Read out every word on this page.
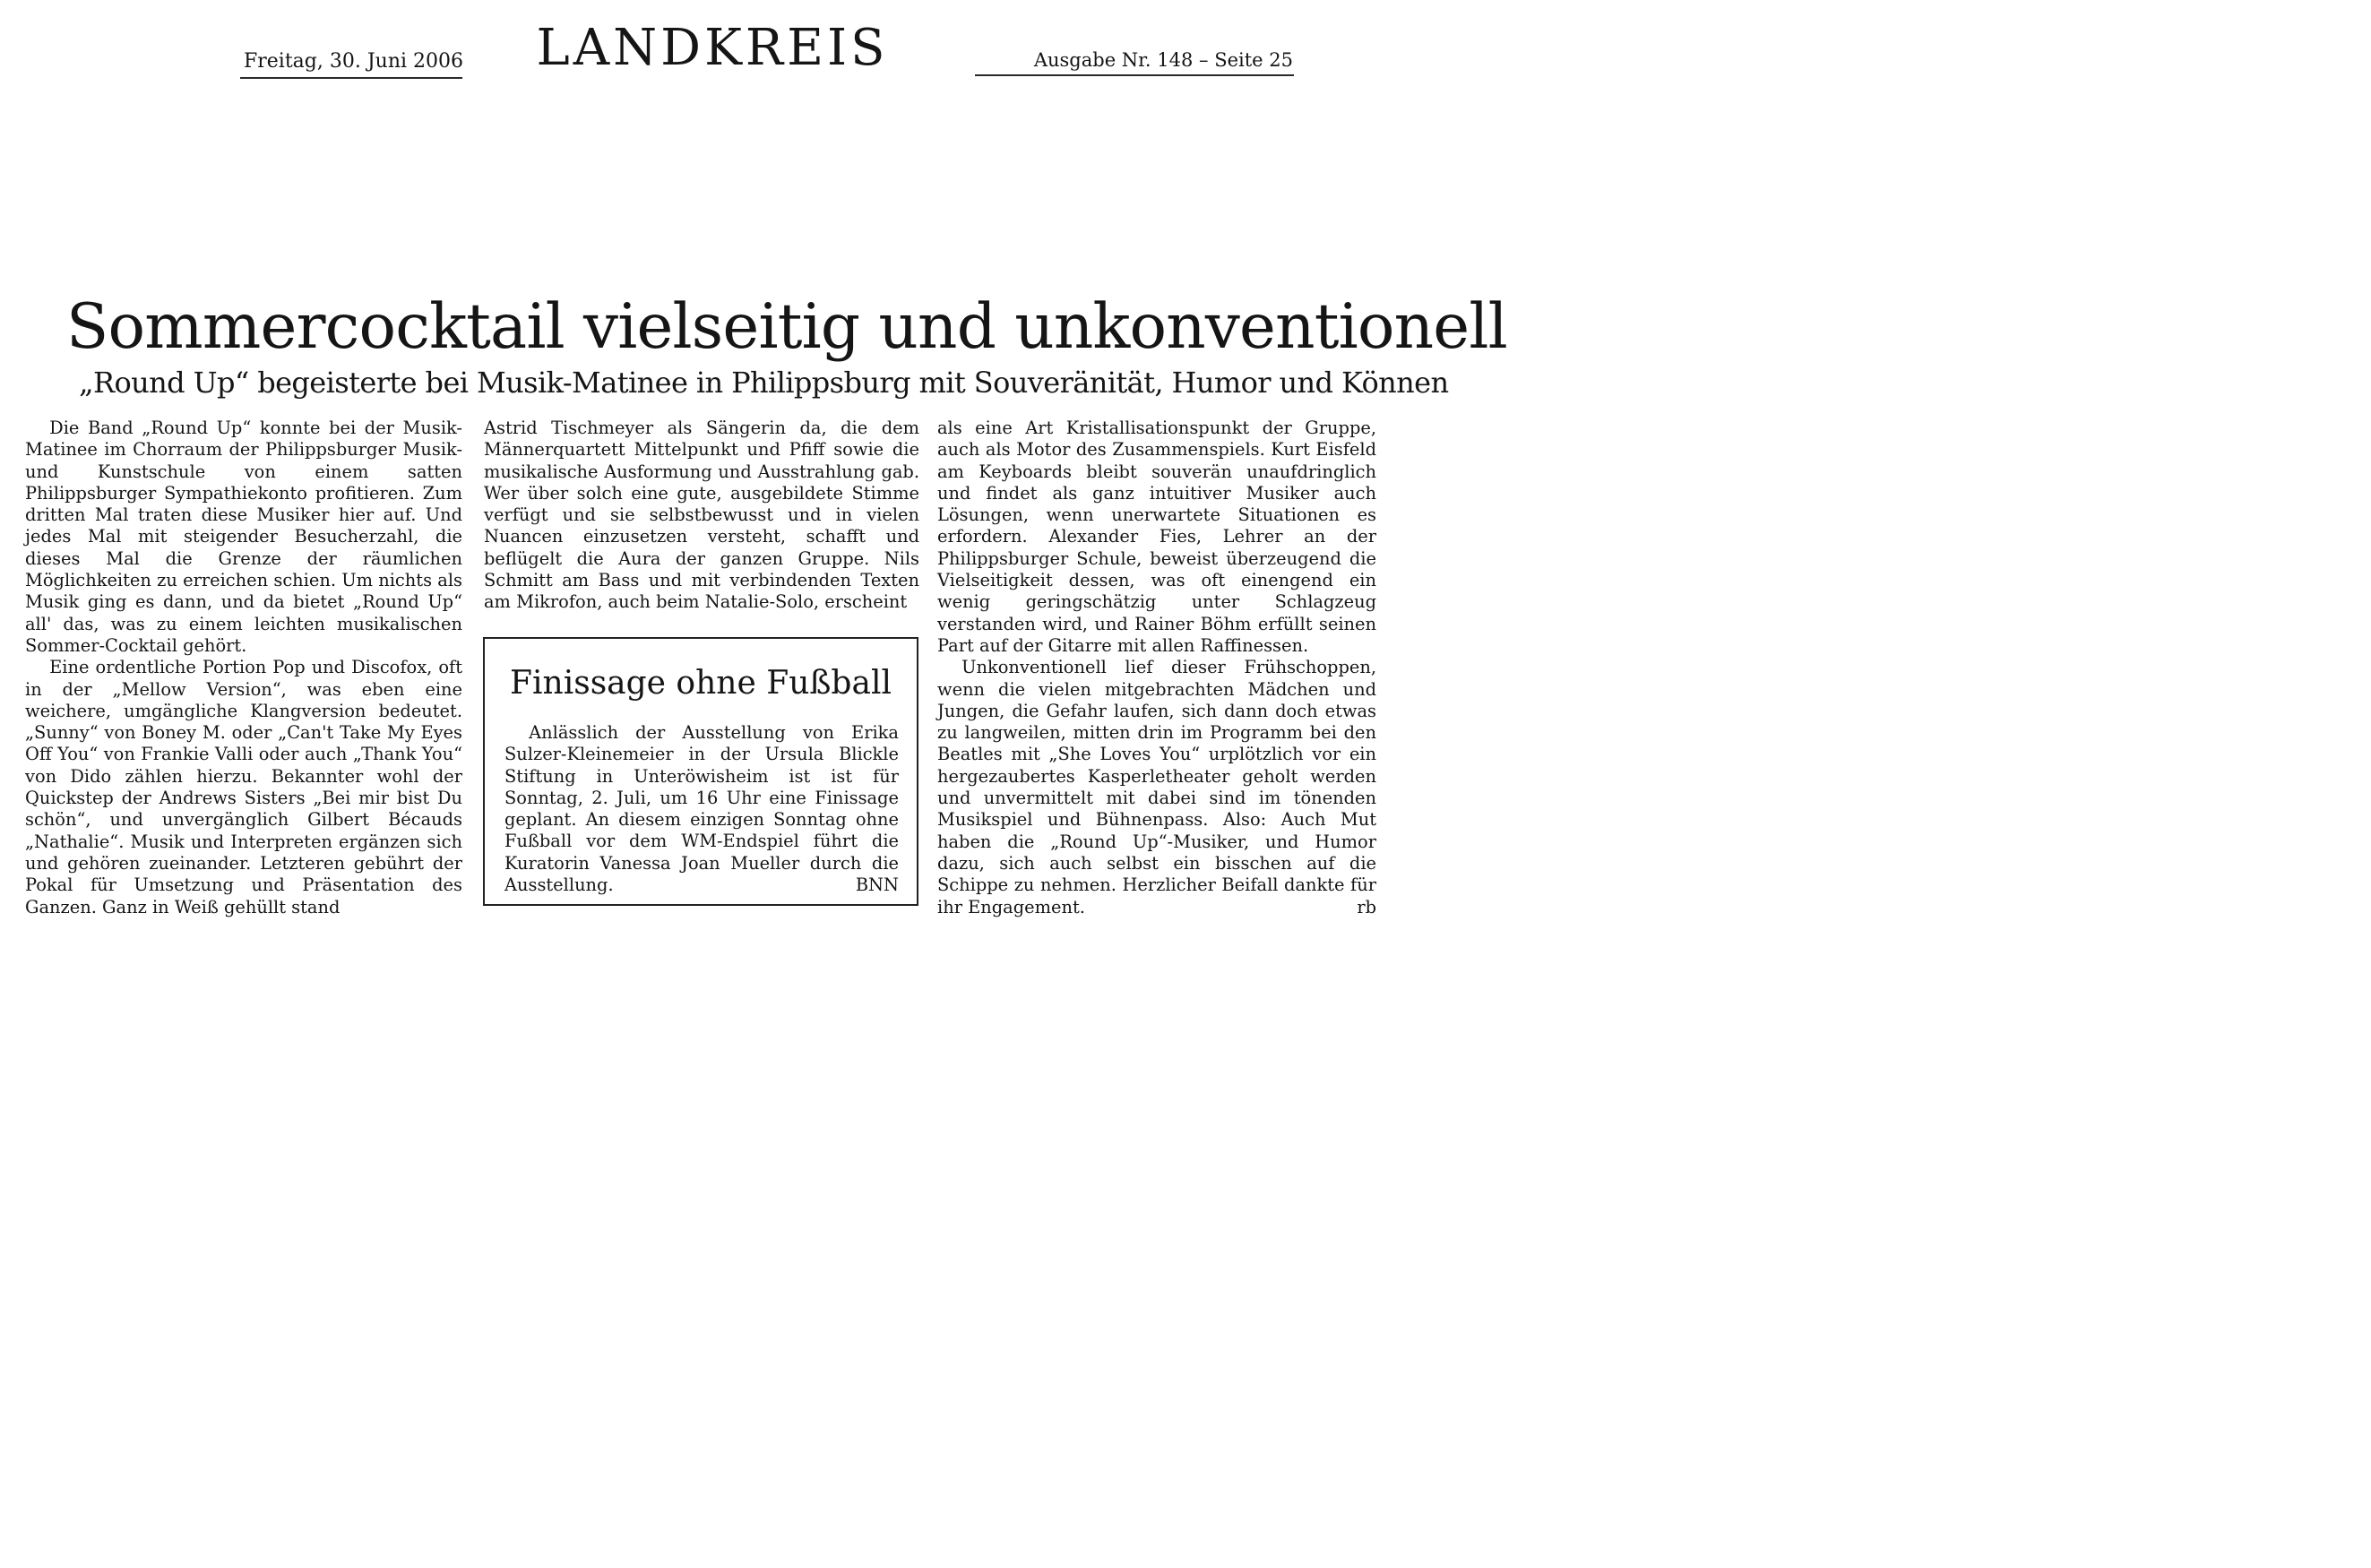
Freitag, 30. Juni 2006	LANDKREIS	Ausgabe Nr. 148 – Seite 25
Sommercocktail vielseitig und unkonventionell
„Round Up“ begeisterte bei Musik-Matinee in Philippsburg mit Souveränität, Humor und Können

Die Band „Round Up“ konnte bei der Musik-Matinee im Chorraum der Philippsburger Musik-und Kunstschule von einem satten Philippsburger Sympathiekonto profitieren. Zum dritten Mal traten diese Musiker hier auf. Und jedes Mal mit steigender Besucherzahl, die dieses Mal die Grenze der räumlichen Möglichkeiten zu erreichen schien. Um nichts als Musik ging es dann, und da bietet „Round Up“ all' das, was zu einem leichten musikalischen Sommer-Cocktail gehört.

Eine ordentliche Portion Pop und Discofox, oft in der „Mellow Version“, was eben eine weichere, umgängliche Klangversion bedeutet. „Sunny“ von Boney M. oder „Can't Take My Eyes Off You“ von Frankie Valli oder auch „Thank You“ von Dido zählen hierzu. Bekannter wohl der Quickstep der Andrews Sisters „Bei mir bist Du schön“, und unvergänglich Gilbert Bécauds „Nathalie“. Musik und Interpreten ergänzen sich und gehören zueinander. Letzteren gebührt der Pokal für Umsetzung und Präsentation des Ganzen. Ganz in Weiß gehüllt stand

Astrid Tischmeyer als Sängerin da, die dem Männerquartett Mittelpunkt und Pfiff sowie die musikalische Ausformung und Ausstrahlung gab. Wer über solch eine gute, ausgebildete Stimme verfügt und sie selbstbewusst und in vielen Nuancen einzusetzen versteht, schafft und beflügelt die Aura der ganzen Gruppe. Nils Schmitt am Bass und mit verbindenden Texten am Mikrofon, auch beim Natalie-Solo, erscheint

Finissage ohne Fußball
Anlässlich der Ausstellung von Erika Sulzer-Kleinemeier in der Ursula Blickle Stiftung in Unteröwisheim ist ist für Sonntag, 2. Juli, um 16 Uhr eine Finissage geplant. An diesem einzigen Sonntag ohne Fußball vor dem WM-Endspiel führt die Kuratorin Vanessa Joan Mueller durch die Ausstellung.	BNN

als eine Art Kristallisationspunkt der Gruppe, auch als Motor des Zusammenspiels. Kurt Eisfeld am Keyboards bleibt souverän unaufdringlich und findet als ganz intuitiver Musiker auch Lösungen, wenn unerwartete Situationen es erfordern. Alexander Fies, Lehrer an der Philippsburger Schule, beweist überzeugend die Vielseitigkeit dessen, was oft einengend ein wenig geringschätzig unter Schlagzeug verstanden wird, und Rainer Böhm erfüllt seinen Part auf der Gitarre mit allen Raffinessen.

Unkonventionell lief dieser Frühschoppen, wenn die vielen mitgebrachten Mädchen und Jungen, die Gefahr laufen, sich dann doch etwas zu langweilen, mitten drin im Programm bei den Beatles mit „She Loves You“ urplötzlich vor ein hergezaubertes Kasperletheater geholt werden und unvermittelt mit dabei sind im tönenden Musikspiel und Bühnenpass. Also: Auch Mut haben die „Round Up“-Musiker, und Humor dazu, sich auch selbst ein bisschen auf die Schippe zu nehmen. Herzlicher Beifall dankte für ihr Engagement.	rb
